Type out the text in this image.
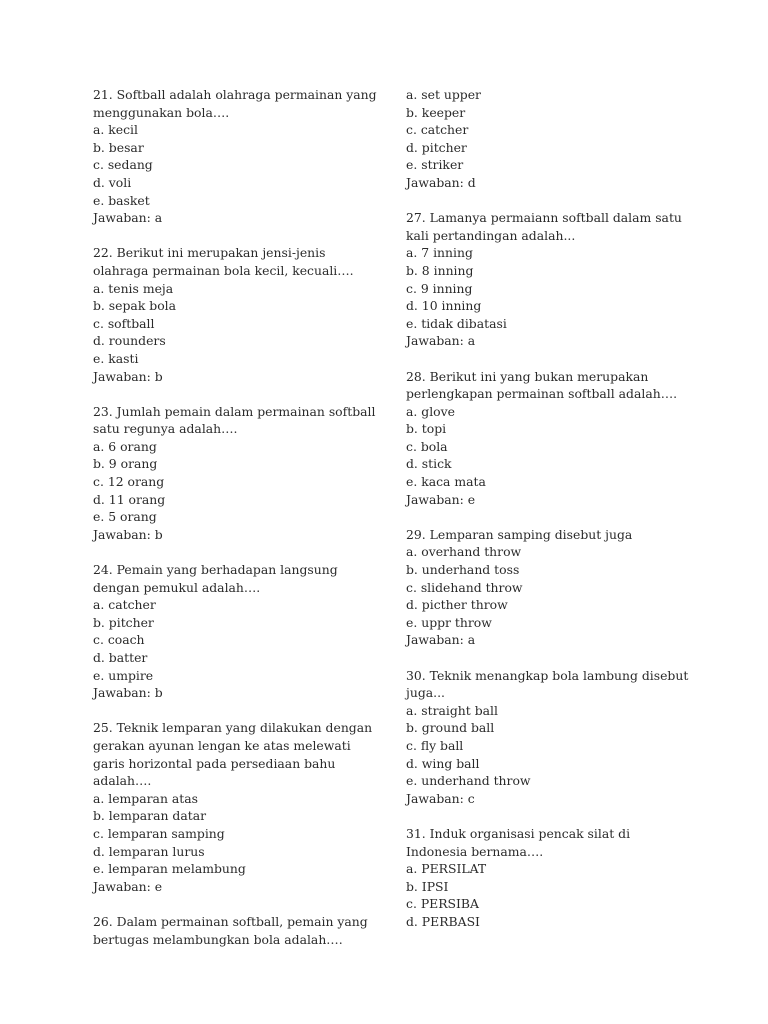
21. Softball adalah olahraga permainan yang menggunakan bola….
a. kecil
b. besar
c. sedang
d. voli
e. basket
Jawaban: a
22. Berikut ini merupakan jensi-jenis olahraga permainan bola kecil, kecuali….
a. tenis meja
b. sepak bola
c. softball
d. rounders
e. kasti
Jawaban: b
23. Jumlah pemain dalam permainan softball satu regunya adalah….
a. 6 orang
b. 9 orang
c. 12 orang
d. 11 orang
e. 5 orang
Jawaban: b
24. Pemain yang berhadapan langsung dengan pemukul adalah….
a. catcher
b. pitcher
c. coach
d. batter
e. umpire
Jawaban: b
25. Teknik lemparan yang dilakukan dengan gerakan ayunan lengan ke atas melewati garis horizontal pada persediaan bahu adalah….
a. lemparan atas
b. lemparan datar
c. lemparan samping
d. lemparan lurus
e. lemparan melambung
Jawaban: e
26. Dalam permainan softball, pemain yang bertugas melambungkan bola adalah….
a. set upper
b. keeper
c. catcher
d. pitcher
e. striker
Jawaban: d
27. Lamanya permaiann softball dalam satu kali pertandingan adalah...
a. 7 inning
b. 8 inning
c. 9 inning
d. 10 inning
e. tidak dibatasi
Jawaban: a
28. Berikut ini yang bukan merupakan perlengkapan permainan softball adalah….
a. glove
b. topi
c. bola
d. stick
e. kaca mata
Jawaban: e
29. Lemparan samping disebut juga
a. overhand throw
b. underhand toss
c. slidehand throw
d. picther throw
e. uppr throw
Jawaban: a
30. Teknik menangkap bola lambung disebut juga...
a. straight ball
b. ground ball
c. fly ball
d. wing ball
e. underhand throw
Jawaban: c
31. Induk organisasi pencak silat di Indonesia bernama….
a. PERSILAT
b. IPSI
c. PERSIBA
d. PERBASI
